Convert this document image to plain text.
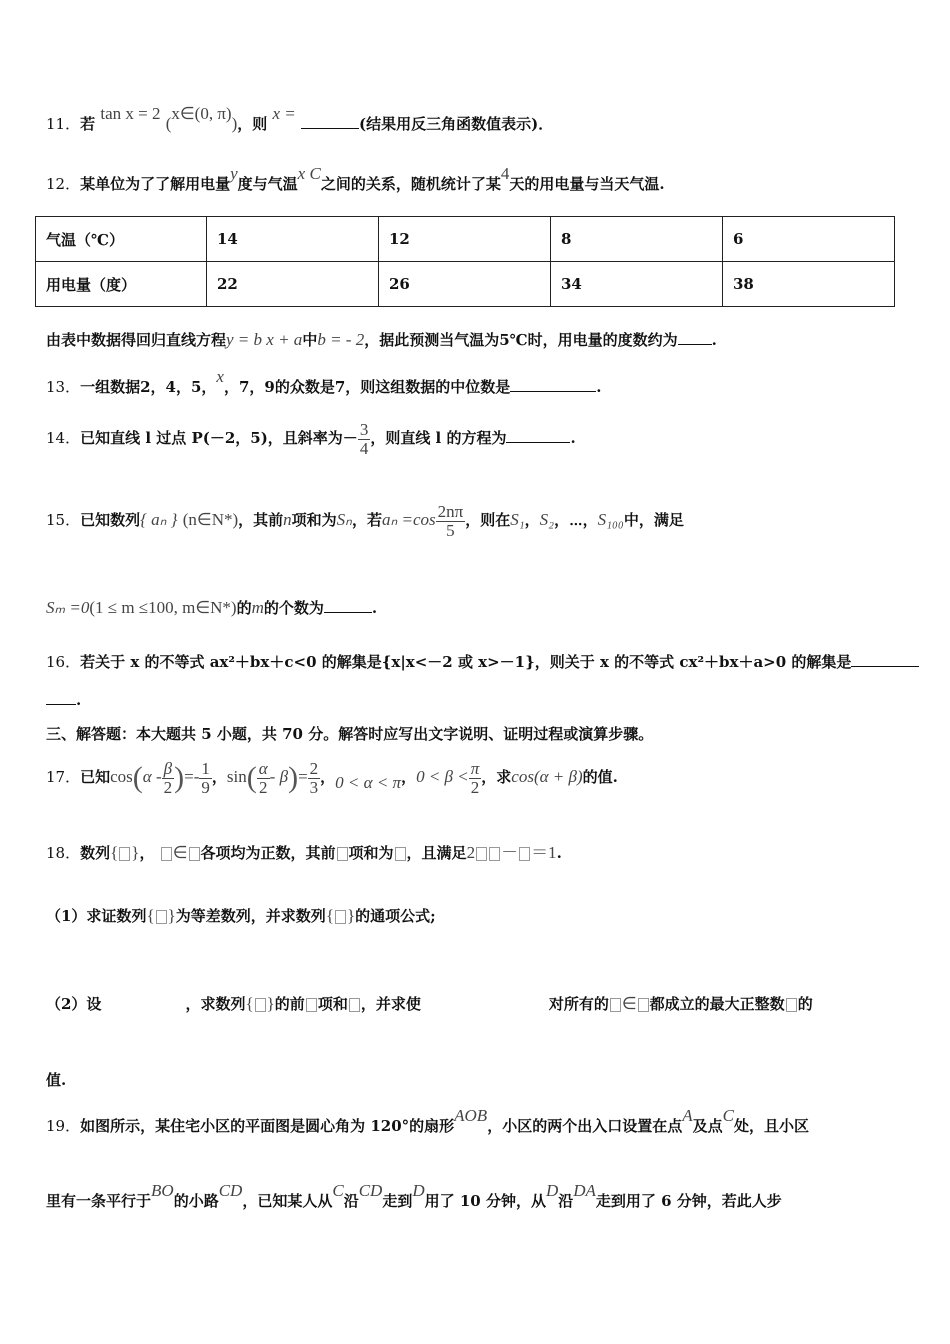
11．若 tan x = 2 (x∈(0, π))，则 x = (结果用反三角函数值表示)．
12．某单位为了了解用电量y度与气温x C之间的关系，随机统计了某4天的用电量与当天气温.
气温（℃）	14	12	8	6
用电量（度）	22	26	34	38
由表中数据得回归直线方程y = b x + a中b = - 2，据此预测当气温为5℃时，用电量的度数约为 .
13．一组数据2，4，5，x，7，9的众数是7，则这组数据的中位数是	.
14．已知直线 l 过点 P(－2，5)，且斜率为－ $\frac{3}{4}$ ，则直线 l 的方程为	.
15．已知数列{ aₙ } (n∈N*)，其前n项和为Sₙ，若$a_n =\cos \frac{2n\pi}{5}$ ，则在S₁，S₂，⋯，S₁₀₀中，满足
Sₘ =0(1 ≤ m ≤100, m∈N*)的m的个数为	.
16．若关于 x 的不等式 ax²＋bx＋c<0 的解集是{x|x<－2 或 x>－1}，则关于 x 的不等式 cx²＋bx＋a>0 的解集是
.
三、解答题：本大题共 5 小题，共 70 分。解答时应写出文字说明、证明过程或演算步骤。
17．已知$\cos(\alpha - \frac{\beta}{2}$ )=- $\frac{1}{9}$ ，$\sin( \frac{\alpha}{2} - \beta)= \frac{2}{3}$ ，0 < α < π，$0 < \beta < \frac{\pi}{2}$ ，求cos(α + β)的值.
18．数列{ }， ∈ 各项均为正数，其前 项和为 ，且满足2 － ＝1.
（1）求证数列{ }为等差数列，并求数列{ }的通项公式;
（2）设	，求数列{ }的前 项和 ，并求使	对所有的 ∈ 都成立的最大正整数 的
值.
19．如图所示，某住宅小区的平面图是圆心角为 120°的扇形AOB，小区的两个出入口设置在点A及点C处，且小区
里有一条平行于BO的小路CD，已知某人从C沿CD走到D用了 10 分钟，从D沿DA走到用了 6 分钟，若此人步
